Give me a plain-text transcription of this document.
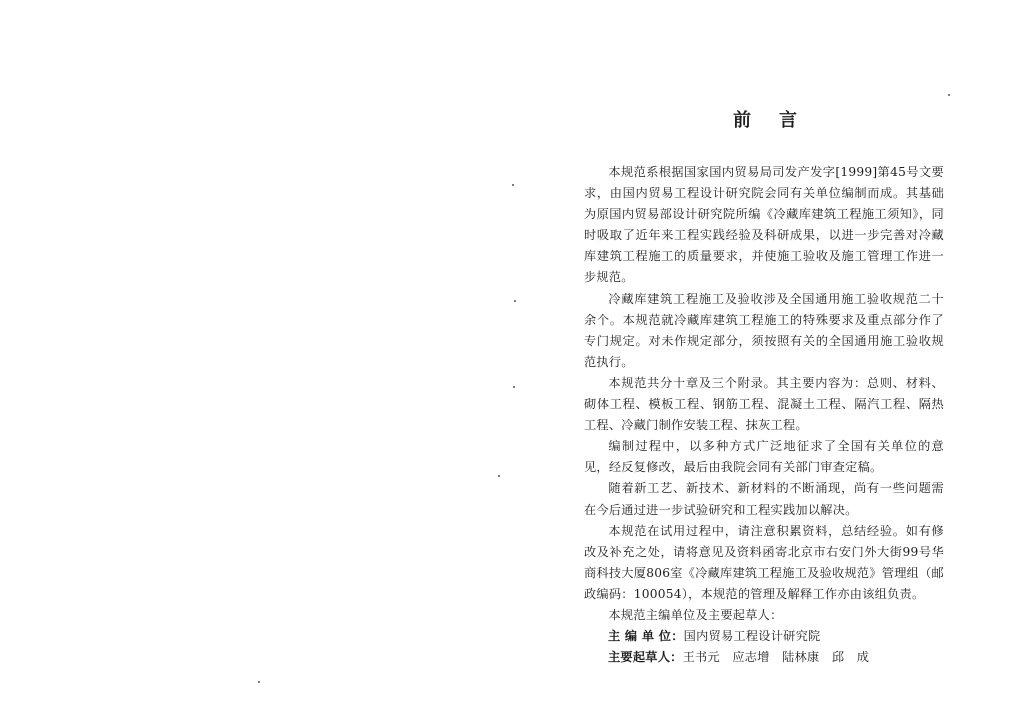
前 言

本规范系根据国家国内贸易局司发产发字[1999]第45号文要求，由国内贸易工程设计研究院会同有关单位编制而成。其基础为原国内贸易部设计研究院所编《冷藏库建筑工程施工须知》，同时吸取了近年来工程实践经验及科研成果，以进一步完善对冷藏库建筑工程施工的质量要求，并使施工验收及施工管理工作进一步规范。

冷藏库建筑工程施工及验收涉及全国通用施工验收规范二十余个。本规范就冷藏库建筑工程施工的特殊要求及重点部分作了专门规定。对未作规定部分，须按照有关的全国通用施工验收规范执行。

本规范共分十章及三个附录。其主要内容为：总则、材料、砌体工程、模板工程、钢筋工程、混凝土工程、隔汽工程、隔热工程、冷藏门制作安装工程、抹灰工程。

编制过程中，以多种方式广泛地征求了全国有关单位的意见，经反复修改，最后由我院会同有关部门审查定稿。

随着新工艺、新技术、新材料的不断涌现，尚有一些问题需在今后通过进一步试验研究和工程实践加以解决。

本规范在试用过程中，请注意积累资料，总结经验。如有修改及补充之处，请将意见及资料函寄北京市右安门外大街99号华商科技大厦806室《冷藏库建筑工程施工及验收规范》管理组（邮政编码：100054），本规范的管理及解释工作亦由该组负责。

本规范主编单位及主要起草人：

主 编 单 位：国内贸易工程设计研究院

主要起草人：王书元　应志增　陆林康　邱　成
